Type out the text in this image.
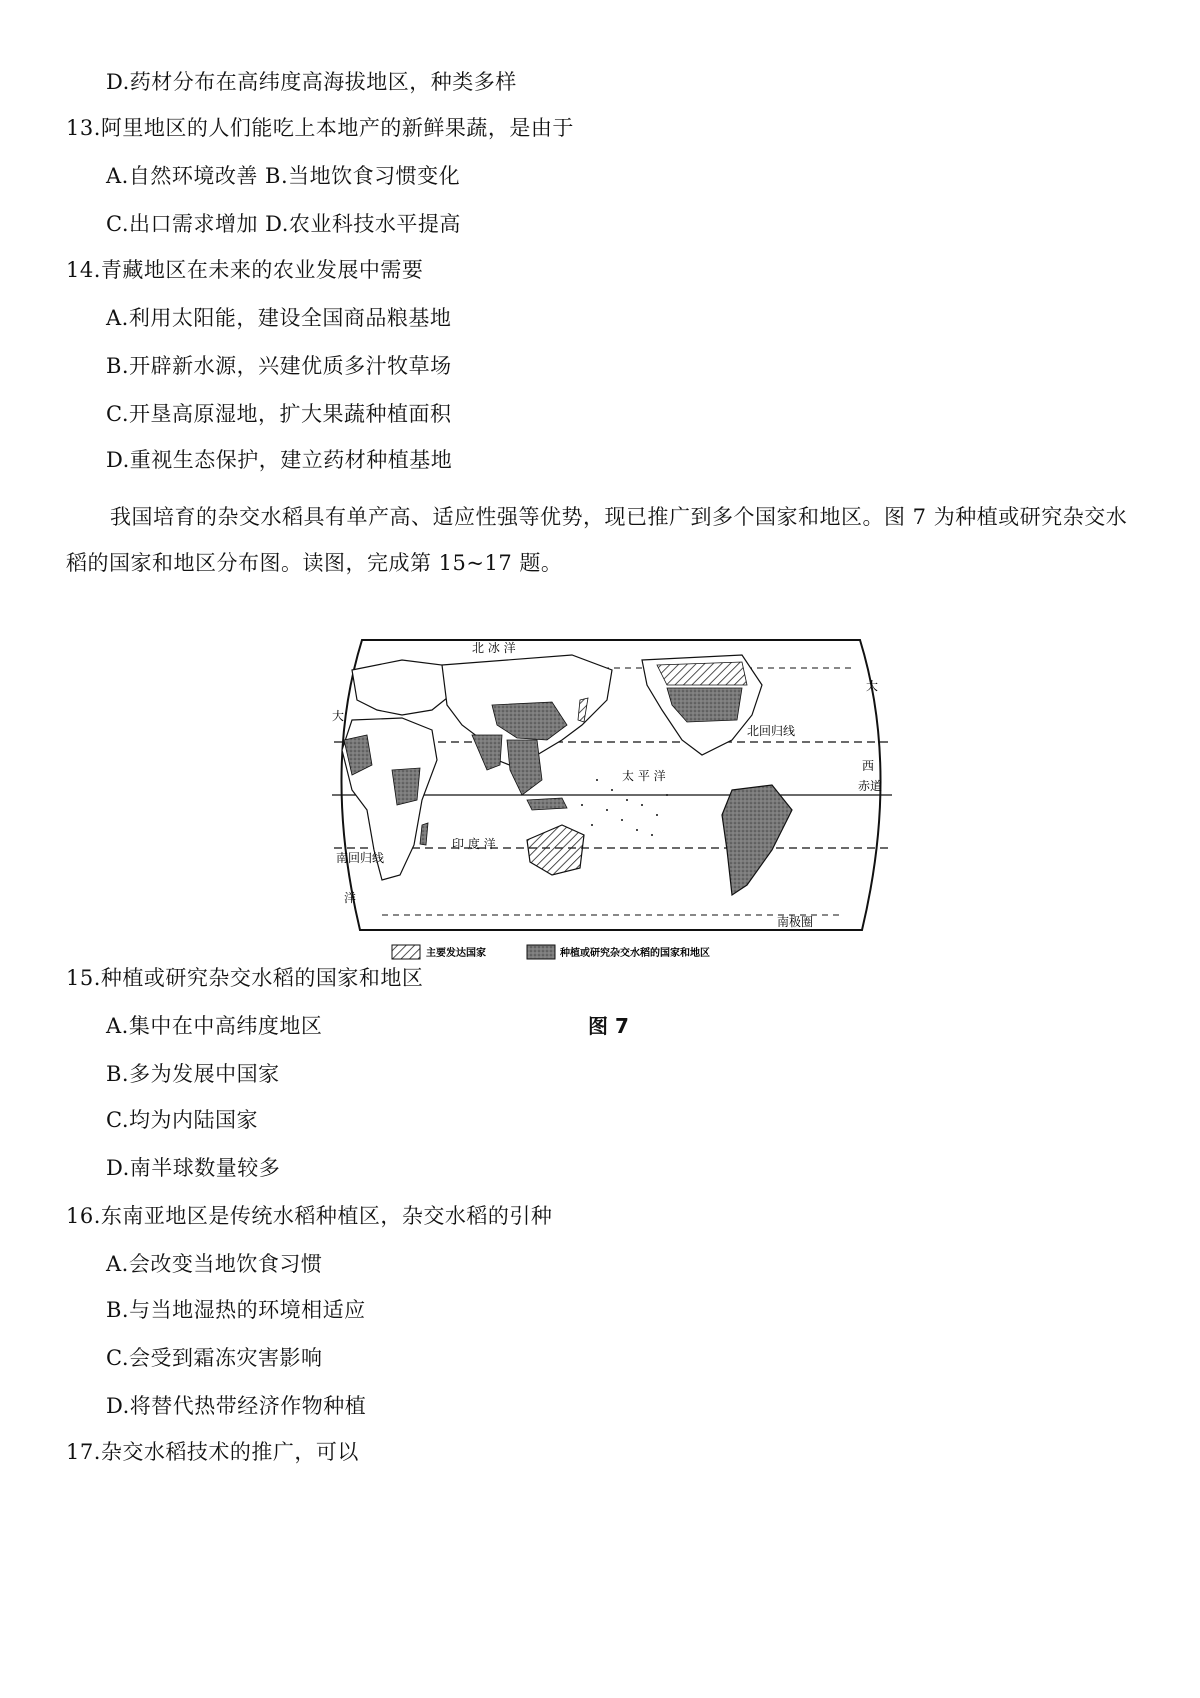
D.药材分布在高纬度高海拔地区，种类多样
13.阿里地区的人们能吃上本地产的新鲜果蔬，是由于
A.自然环境改善 B.当地饮食习惯变化
C.出口需求增加 D.农业科技水平提高
14.青藏地区在未来的农业发展中需要
A.利用太阳能，建设全国商品粮基地
B.开辟新水源，兴建优质多汁牧草场
C.开垦高原湿地，扩大果蔬种植面积
D.重视生态保护，建立药材种植基地
我国培育的杂交水稻具有单产高、适应性强等优势，现已推广到多个国家和地区。图 7 为种植或研究杂交水稻的国家和地区分布图。读图，完成第 15~17 题。
北 冰 洋
北回归线
南回归线
南极圈
赤道
太 平 洋
印 度 洋
大
洋
大
西
主要发达国家	种植或研究杂交水稻的国家和地区
图 7
15.种植或研究杂交水稻的国家和地区
A.集中在中高纬度地区
B.多为发展中国家
C.均为内陆国家
D.南半球数量较多
16.东南亚地区是传统水稻种植区，杂交水稻的引种
A.会改变当地饮食习惯
B.与当地湿热的环境相适应
C.会受到霜冻灾害影响
D.将替代热带经济作物种植
17.杂交水稻技术的推广，可以
